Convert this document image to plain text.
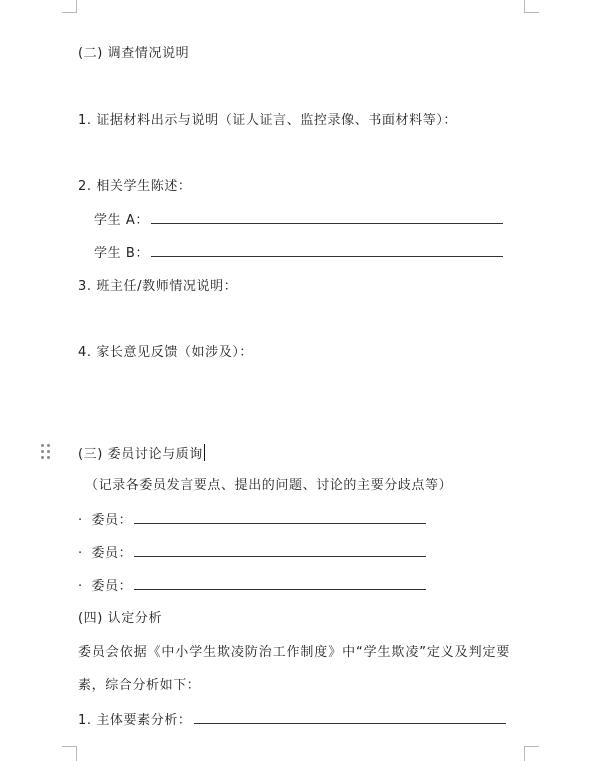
(二) 调查情况说明
1. 证据材料出示与说明（证人证言、监控录像、书面材料等）：
2. 相关学生陈述：
学生 A：
学生 B：
3. 班主任/教师情况说明：
4. 家长意见反馈（如涉及）：
(三) 委员讨论与质询
（记录各委员发言要点、提出的问题、讨论的主要分歧点等）
· 委员：
· 委员：
· 委员：
(四) 认定分析
委员会依据《中小学生欺凌防治工作制度》中“学生欺凌”定义及判定要
素，综合分析如下：
1. 主体要素分析：
